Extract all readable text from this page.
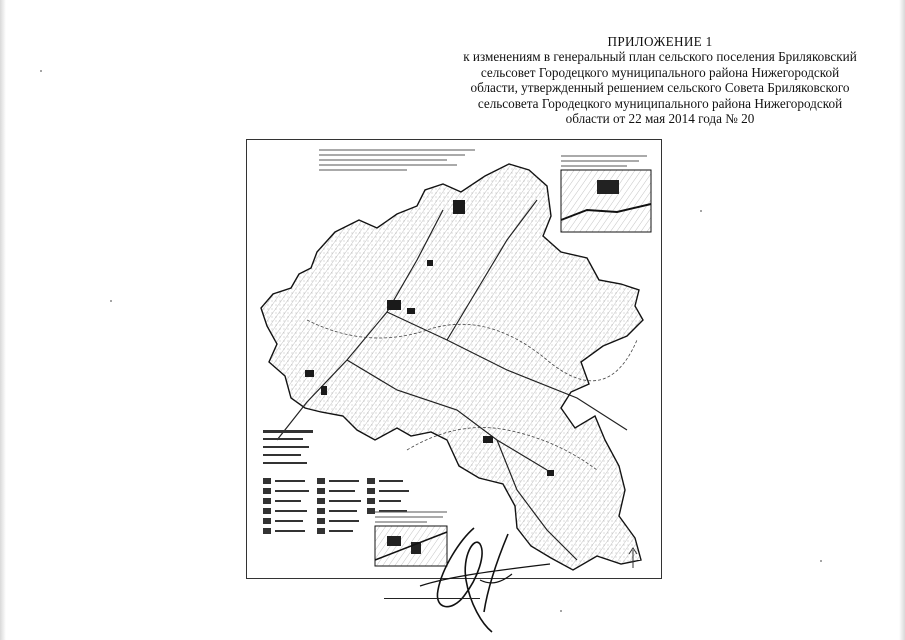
ПРИЛОЖЕНИЕ 1
к изменениям в генеральный план сельского поселения Бриляковский
сельсовет Городецкого муниципального района Нижегородской
области, утвержденный решением сельского Совета Бриляковского
сельсовета Городецкого муниципального района Нижегородской
области от 22 мая 2014 года № 20
